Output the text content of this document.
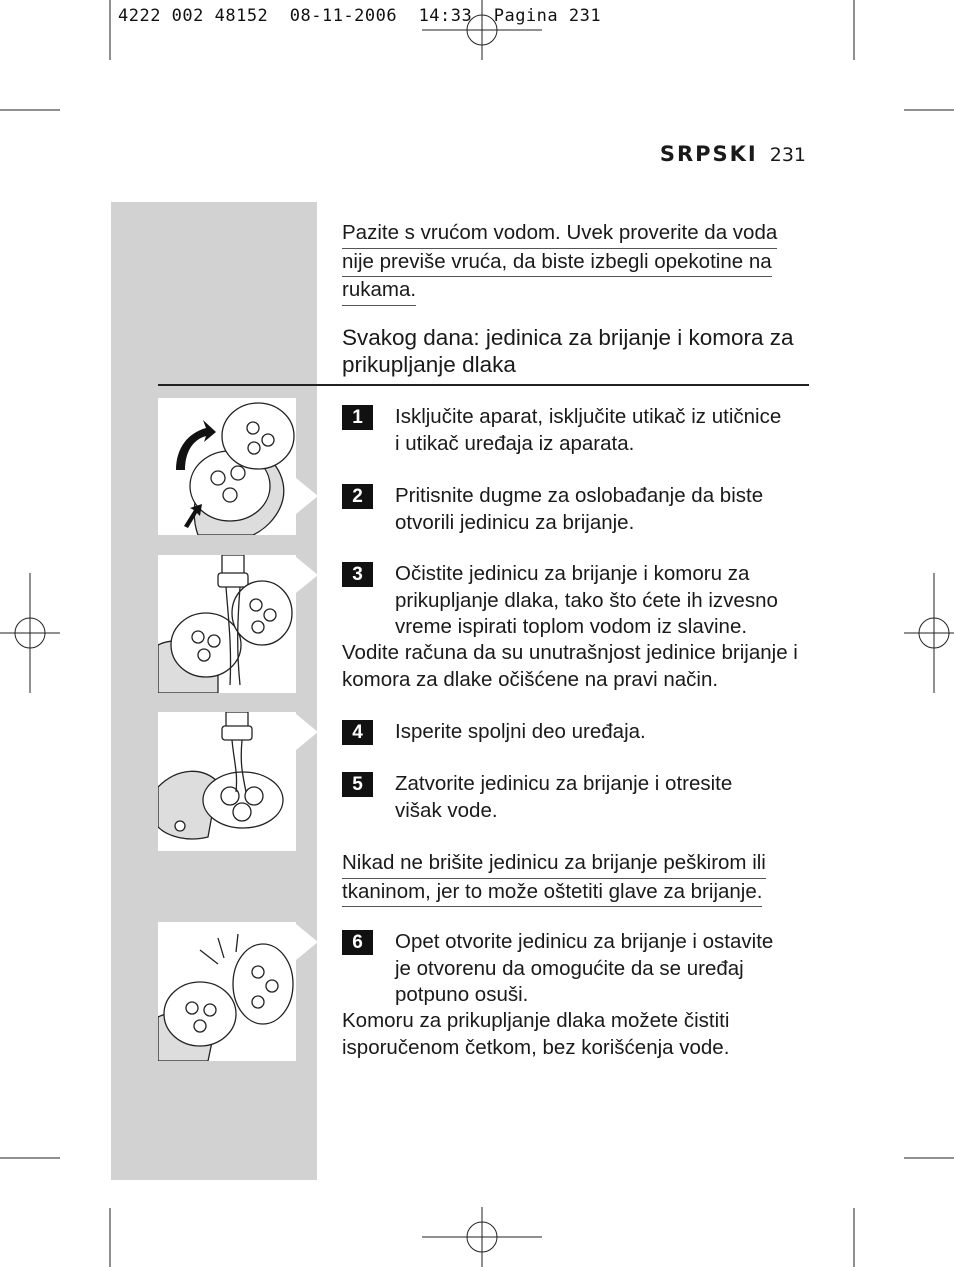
4222 002 48152  08-11-2006  14:33  Pagina 231
SRPSKI 231
Pazite s vrućom vodom. Uvek proverite da voda
nije previše vruća, da biste izbegli opekotine na
rukama.
Svakog dana: jedinica za brijanje i komora za
prikupljanje dlaka
1	Isključite aparat, isključite utikač iz utičnice
i utikač uređaja iz aparata.
2	Pritisnite dugme za oslobađanje da biste
otvorili jedinicu za brijanje.
3	Očistite jedinicu za brijanje i komoru za
prikupljanje dlaka, tako što ćete ih izvesno
vreme ispirati toplom vodom iz slavine.
Vodite računa da su unutrašnjost jedinice brijanje i
komora za dlake očišćene na pravi način.
4	Isperite spoljni deo uređaja.
5	Zatvorite jedinicu za brijanje i otresite
višak vode.
Nikad ne brišite jedinicu za brijanje peškirom ili
tkaninom, jer to može oštetiti glave za brijanje.
6	Opet otvorite jedinicu za brijanje i ostavite
je otvorenu da omogućite da se uređaj
potpuno osuši.
Komoru za prikupljanje dlaka možete čistiti
isporučenom četkom, bez korišćenja vode.
